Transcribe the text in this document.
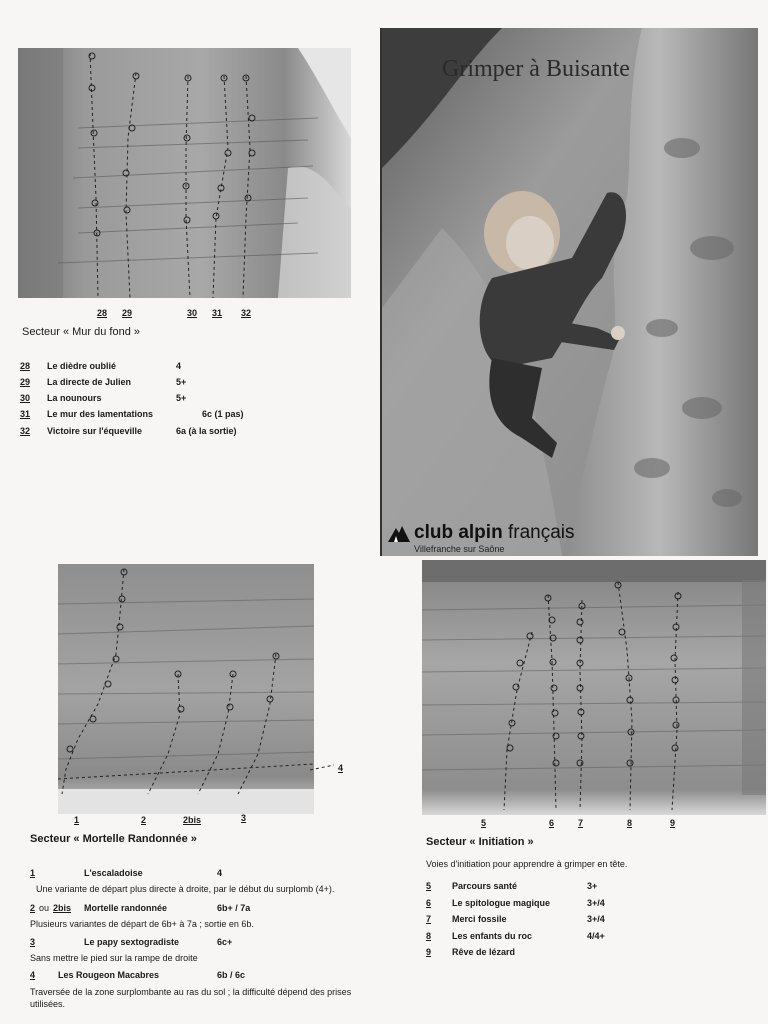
28 29	30 31 32
Secteur « Mur du fond »
28 Le dièdre oublié	4
29 La directe de Julien	5+
30 La nounours	5+
31 Le mur des lamentations	6c (1 pas)
32 Victoire sur l'équeville	6a (à la sortie)
Grimper à Buisante
club alpin français
Villefranche sur Saône
1	2	2bis	3
4
Secteur « Mortelle Randonnée »
1	L'escaladoise	4
Une variante de départ plus directe à droite, par le début du surplomb (4+).
2 ou 2bis Mortelle randonnée	6b+ / 7a
Plusieurs variantes de départ de 6b+ à 7a ; sortie en 6b.
3	Le papy sextogradiste	6c+
Sans mettre le pied sur la rampe de droite
4	Les Rougeon Macabres	6b / 6c
Traversée de la zone surplombante au ras du sol ; la difficulté dépend des prises utilisées.
5	6	7	8	9
Secteur « Initiation »
Voies d'initiation pour apprendre à grimper en tête.
5 Parcours santé	3+
6 Le spitologue magique	3+/4
7 Merci fossile	3+/4
8 Les enfants du roc	4/4+
9 Rêve de lézard
